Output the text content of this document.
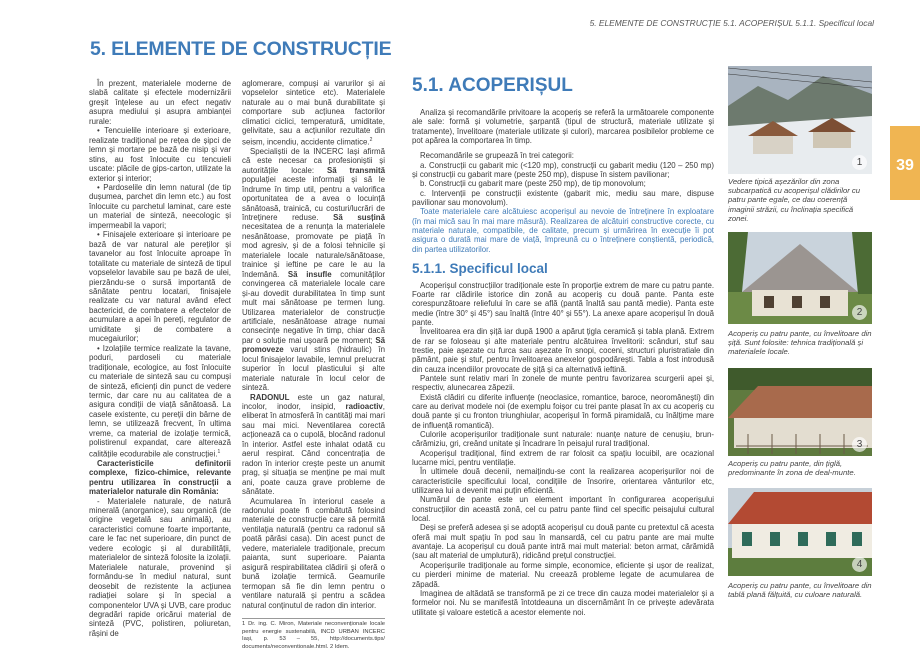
5. ELEMENTE DE CONSTRUCȚIE 5.1. ACOPERIȘUL 5.1.1. Specificul local
39
5. ELEMENTE DE CONSTRUCȚIE

În prezent, materialele moderne de slabă calitate și efectele modernizării greșit înțelese au un efect negativ asupra mediului și asupra ambianței rurale:

• Tencuielile interioare și exterioare, realizate tradițional pe rețea de șipci de lemn și mortare pe bază de nisip și var stins, au fost înlocuite cu tencuieli uscate: plăcile de gips-carton, utilizate la exterior și interior;

• Pardoselile din lemn natural (de tip dușumea, parchet din lemn etc.) au fost înlocuite cu parchetul laminat, care este un material de sinteză, neecologic și impermeabil la vapori;

• Finisajele exterioare și interioare pe bază de var natural ale pereților și tavanelor au fost înlocuite aproape în totalitate cu materiale de sinteză de tipul vopselelor lavabile sau pe bază de ulei, pierzându-se o sursă importantă de sănătate pentru locatari, finisajele realizate cu var natural având efect bactericid, de combatere a efectelor de acumulare a apei în pereți, regulator de umiditate și de combatere a mucegaiurilor;

• Izolațiile termice realizate la tavane, poduri, pardoseli cu materiale tradiționale, ecologice, au fost înlocuite cu materiale de sinteză sau cu compuși de sinteză, eficienți din punct de vedere termic, dar care nu au calitatea de a asigura condiții de viață sănătoasă. La casele existente, cu pereții din bârne de lemn, se utilizează frecvent, în ultima vreme, ca material de izolație termică, polistirenul expandat, care alterează calitățile ecodurabile ale construcției.$^1$

Caracteristicile definitorii complexe, fizico-chimice, relevante pentru utilizarea în construcții a materialelor naturale din România:

- Materialele naturale, de natură minerală (anorganice), sau organică (de origine vegetală sau animală), au caracteristici comune foarte importante, care le fac net superioare, din punct de vedere ecologic și al durabilității, materialelor de sinteză folosite la izolații. Materialele naturale, provenind și formându-se în mediul natural, sunt deosebit de rezistente la acțiunea radiației solare și în special a componentelor UVA și UVB, care produc degradări rapide oricărui material de sinteză (PVC, polistiren, poliuretan, rășini de

aglomerare, compuși ai varurilor și ai vopselelor sintetice etc). Materialele naturale au o mai bună durabilitate și comportare sub acțiunea factorilor climatici ciclici, temperatură, umiditate, gelivitate, sau a acțiunilor rezultate din seism, incendiu, accidente climatice.$^2$

Specialiștii de la INCERC Iași afirmă că este necesar ca profesioniștii și autoritățile locale: Să transmită populației aceste informații și să le îndrume în timp util, pentru a valorifica oportunitatea de a avea o locuință sănătoasă, trainică, cu costuri/lucrări de întreținere reduse. Să susțină necesitatea de a renunța la materialele nesănătoase, promovate pe piață în mod agresiv, și de a folosi tehnicile și materialele locale naturale/sănătoase, trainice și ieftine pe care le au la îndemână. Să insufle comunităților convingerea că materialele locale care și-au dovedit durabilitatea în timp sunt mult mai sănătoase pe termen lung. Utilizarea materialelor de construcție artificiale, nesănătoase atrage numai consecințe negative în timp, chiar dacă par o soluție mai ușoară pe moment; Să promoveze varul stins (hidraulic) în locul finisajelor lavabile, lemnul prelucrat superior în locul plasticului și alte materiale naturale în locul celor de sinteză.

RADONUL este un gaz natural, incolor, inodor, insipid, radioactiv, eliberat în atmosferă în cantități mai mari sau mai mici. Neventilarea corectă acționează ca o cupolă, blocând radonul în interior. Astfel este inhalat odată cu aerul respirat. Când concentrația de radon în interior crește peste un anumit prag, și situația se menține pe mai mult ani, poate cauza grave probleme de sănătate.

Acumularea în interiorul casele a radonului poate fi combătută folosind materiale de construcție care să permită ventilația naturală (pentru ca radonul să poată părăsi casa). Din acest punct de vedere, materialele tradiționale, precum paianta, sunt superioare. Paianta asigură respirabilitatea clădirii și oferă o bună izolație termică. Geamurile termopan să fie din lemn pentru o ventilare naturală și pentru a scădea natural conținutul de radon din interior.

1 Dr. ing. C. Miron, Materiale neconvenționale locale pentru energie sustenabilă, INCD URBAN INCERC Iași, p. 53 – 55, http://documents.tips/ documents/neconventionale.html. 2 Idem.

5.1. ACOPERIȘUL

Analiza și recomandările privitoare la acoperiș se referă la următoarele componente ale sale: formă și volumetrie, șarpantă (tipul de structură, materiale utilizate și tratamente), învelitoare (materiale utilizate și culori), marcarea posibilelor probleme ce pot apărea la comportarea în timp.

Recomandările se grupează în trei categorii:

a. Construcții cu gabarit mic (<120 mp), construcții cu gabarit mediu (120 – 250 mp) și construcții cu gabarit mare (peste 250 mp), dispuse în sistem pavilionar;

b. Construcții cu gabarit mare (peste 250 mp), de tip monovolum;

c. Intervenții pe construcții existente (gabarit mic, mediu sau mare, dispuse pavilionar sau monovolum).

Toate materialele care alcătuiesc acoperișul au nevoie de întreținere în exploatare (în mai mică sau în mai mare măsură). Realizarea de alcătuiri constructive corecte, cu materiale naturale, compatibile, de calitate, precum și urmărirea în execuție îi pot asigura o durată mai mare de viață, împreună cu o întreținere conștientă, periodică, din partea utilizatorilor.

5.1.1. Specificul local

Acoperișul construcțiilor tradiționale este în proporție extrem de mare cu patru pante. Foarte rar clădirile istorice din zonă au acoperiș cu două pante. Panta este corespunzătoare reliefului în care se află (pantă înaltă sau pantă medie). Panta este medie (între 30° și 45°) sau înaltă (între 40° și 55°). La anexe apare acoperișul în două pante.

Învelitoarea era din șiță iar după 1900 a apărut țigla ceramică și tabla plană. Extrem de rar se foloseau și alte materiale pentru alcătuirea învelitorii: scânduri, stuf sau trestie, paie așezate cu furca sau așezate în snopi, coceni, structuri pluristratiale din pământ, paie și stuf, pentru învelitoarea anexelor gospodărești. Tabla a fost introdusă din cauza incendiilor provocate de șiță și ca alternativă ieftină.

Pantele sunt relativ mari în zonele de munte pentru favorizarea scurgerii apei și, respectiv, alunecarea zăpezii.

Există clădiri cu diferite influențe (neoclasice, romantice, baroce, neoromânești) din care au derivat modele noi (de exemplu foișor cu trei pante plasat în ax cu acoperiș cu două pante și cu fronton triunghiular, acoperișul în formă piramidală, cu înălțime mare de influență romantică).

Culorile acoperișurilor tradiționale sunt naturale: nuanțe nature de cenușiu, brun-cărămiziu, gri, creând unitate și încadrare în peisajul rural tradițional.

Acoperișul tradițional, fiind extrem de rar folosit ca spațiu locuibil, are ocazional lucarne mici, pentru ventilație.

În ultimele două decenii, nemaițindu-se cont la realizarea acoperișurilor noi de caracteristicile specificului local, condițiile de însorire, orientarea vânturilor etc, utilizarea lui a devenit mai puțin eficientă.

Numărul de pante este un element important în configurarea acoperișului construcțiilor din această zonă, cel cu patru pante fiind cel specific peisajului cultural local.

Deși se preferă adesea și se adoptă acoperișul cu două pante cu pretextul că acesta oferă mai mult spațiu în pod sau în mansardă, cel cu patru pante are mai multe avantaje. La acoperișul cu două pante intră mai mult material: beton armat, cărămidă (sau alt material de umplutură), ridicând prețul construcției.

Acoperișurile tradiționale au forme simple, economice, eficiente și ușor de realizat, cu pierderi minime de material. Nu creează probleme legate de acumularea de zăpadă.

Imaginea de altădată se transformă pe zi ce trece din cauza modei materialelor și a formelor noi. Nu se manifestă întotdeauna un discernământ în ce privește adevărata utilitate și valoare estetică a acestor elemente noi.

1
Vedere tipică așezărilor din zona subcarpatică cu acoperișul clădirilor cu patru pante egale, ce dau coerență imaginii străzii, cu înclinația specifică zonei.
2
Acoperiș cu patru pante, cu învelitoare din șiță. Sunt folosite: tehnica tradițională și materialele locale.
3
Acoperiș cu patru pante, din țiglă, predominante în zona de deal-munte.
4
Acoperiș cu patru pante, cu învelitoare din tablă plană fălțuită, cu culoare naturală.
